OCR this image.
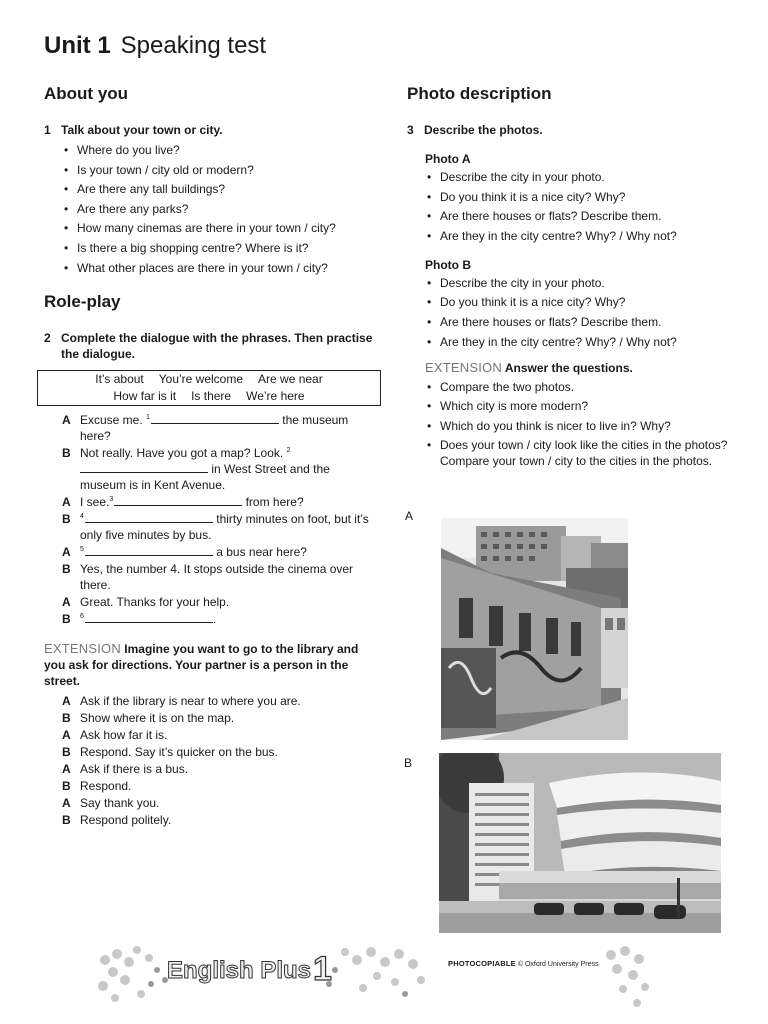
Unit 1 Speaking test
About you
1 Talk about your town or city.
• Where do you live?
• Is your town / city old or modern?
• Are there any tall buildings?
• Are there any parks?
• How many cinemas are there in your town / city?
• Is there a big shopping centre? Where is it?
• What other places are there in your town / city?
Role-play
2 Complete the dialogue with the phrases. Then practise the dialogue.
It’s about You’re welcome Are we near
How far is it Is there We’re here
A Excuse me. $^1$	the museum here?
B Not really. Have you got a map? Look. $^2$ in West Street and the museum is in Kent Avenue.
A I see.$^3$	from here?
B	$^4$	thirty minutes on foot, but it’s only five minutes by bus.
A	$^5$	a bus near here?
B Yes, the number 4. It stops outside the cinema over there.
A Great. Thanks for your help.
B	$^6$	.
EXTENSION Imagine you want to go to the library and you ask for directions. Your partner is a person in the street.
A Ask if the library is near to where you are.
B Show where it is on the map.
A Ask how far it is.
B Respond. Say it’s quicker on the bus.
A Ask if there is a bus.
B Respond.
A Say thank you.
B Respond politely.
Photo description
3 Describe the photos.
Photo A
• Describe the city in your photo.
• Do you think it is a nice city? Why?
• Are there houses or flats? Describe them.
• Are they in the city centre? Why? / Why not?
Photo B
• Describe the city in your photo.
• Do you think it is a nice city? Why?
• Are there houses or flats? Describe them.
• Are they in the city centre? Why? / Why not?
EXTENSION Answer the questions.
• Compare the two photos.
• Which city is more modern?
• Which do you think is nicer to live in? Why?
• Does your town / city look like the cities in the photos? Compare your town / city to the cities in the photos.
A
B
English Plus 1	PHOTOCOPIABLE © Oxford University Press
